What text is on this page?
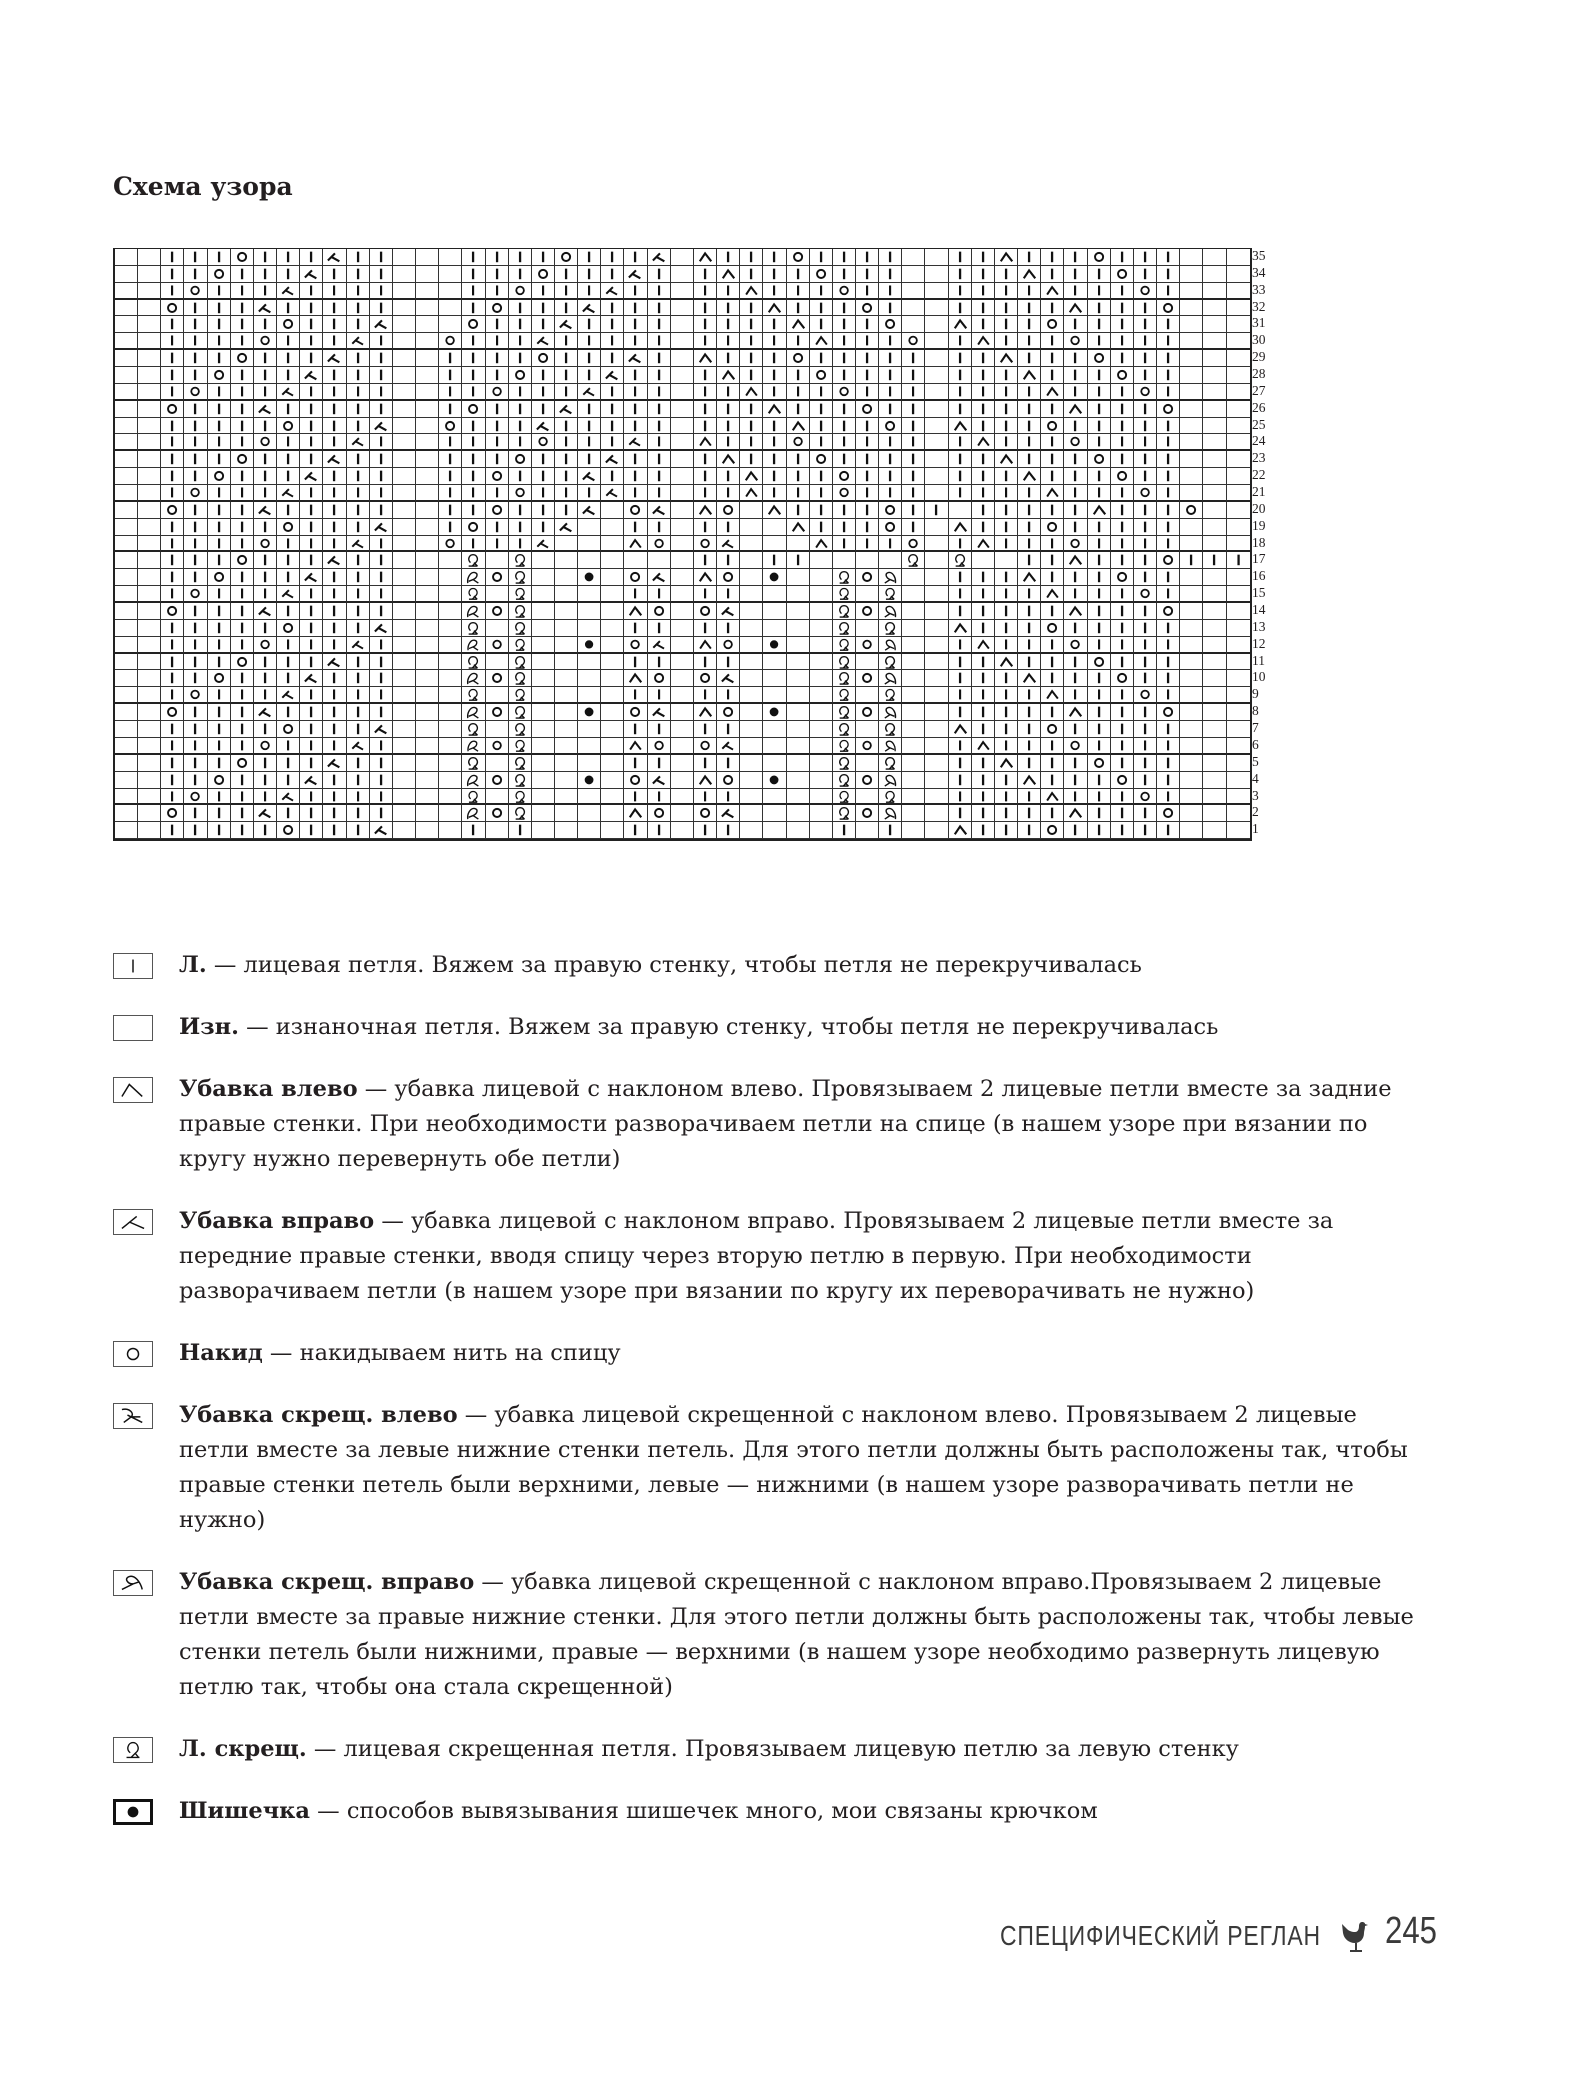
Схема узора
35
34
33
32
31
30
29
28
27
26
25
24
23
22
21
20
19
18
17
16
15
14
13
12
11
10
9
8
7
6
5
4
3
2
1
Л. — лицевая петля. Вяжем за правую стенку, чтобы петля не перекручивалась
Изн. — изнаночная петля. Вяжем за правую стенку, чтобы петля не перекручивалась
Убавка влево — убавка лицевой с наклоном влево. Провязываем 2 лицевые петли вместе за задние правые стенки. При необходимости разворачиваем петли на спице (в нашем узоре при вязании по кругу нужно перевернуть обе петли)
Убавка вправо — убавка лицевой с наклоном вправо. Провязываем 2 лицевые петли вместе за передние правые стенки, вводя спицу через вторую петлю в первую. При необходимости разворачиваем петли (в нашем узоре при вязании по кругу их переворачивать не нужно)
Накид — накидываем нить на спицу
Убавка скрещ. влево — убавка лицевой скрещенной с наклоном влево. Провязываем 2 лицевые петли вместе за левые нижние стенки петель. Для этого петли должны быть расположены так, чтобы правые стенки петель были верхними, левые — нижними (в нашем узоре разворачивать петли не нужно)
Убавка скрещ. вправо — убавка лицевой скрещенной с наклоном вправо.Провязываем 2 лицевые петли вместе за правые нижние стенки. Для этого петли должны быть расположены так, чтобы левые стенки петель были нижними, правые — верхними (в нашем узоре необходимо развернуть лицевую петлю так, чтобы она стала скрещенной)
Л. скрещ. — лицевая скрещенная петля. Провязываем лицевую петлю за левую стенку
Шишечка — способов вывязывания шишечек много, мои связаны крючком
СПЕЦИФИЧЕСКИЙ РЕГЛАН 245
